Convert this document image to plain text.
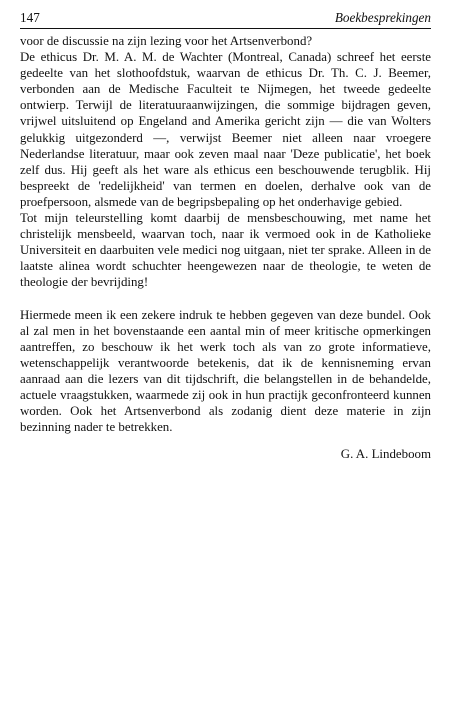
147	Boekbesprekingen

voor de discussie na zijn lezing voor het Artsenverbond?

De ethicus Dr. M. A. M. de Wachter (Montreal, Canada) schreef het eerste gedeelte van het slothoofdstuk, waarvan de ethicus Dr. Th. C. J. Beemer, verbonden aan de Medische Faculteit te Nijmegen, het tweede gedeelte ontwierp. Terwijl de literatuuraanwijzingen, die sommige bijdragen geven, vrijwel uitsluitend op Engeland and Amerika gericht zijn — die van Wolters gelukkig uitgezonderd —, verwijst Beemer niet alleen naar vroegere Nederlandse literatuur, maar ook zeven maal naar 'Deze publicatie', het boek zelf dus. Hij geeft als het ware als ethicus een beschouwende terugblik. Hij bespreekt de 'redelijkheid' van termen en doelen, derhalve ook van de proefpersoon, alsmede van de begripsbepaling op het onderhavige gebied.

Tot mijn teleurstelling komt daarbij de mensbeschouwing, met name het christelijk mensbeeld, waarvan toch, naar ik vermoed ook in de Katholieke Universiteit en daarbuiten vele medici nog uitgaan, niet ter sprake. Alleen in de laatste alinea wordt schuchter heengewezen naar de theologie, te weten de theologie der bevrijding!

Hiermede meen ik een zekere indruk te hebben gegeven van deze bundel. Ook al zal men in het bovenstaande een aantal min of meer kritische opmerkingen aantreffen, zo beschouw ik het werk toch als van zo grote informatieve, wetenschappelijk verantwoorde betekenis, dat ik de kennisneming ervan aanraad aan die lezers van dit tijdschrift, die belangstellen in de behandelde, actuele vraagstukken, waarmede zij ook in hun practijk geconfronteerd kunnen worden. Ook het Artsenverbond als zodanig dient deze materie in zijn bezinning nader te betrekken.

G. A. Lindeboom
